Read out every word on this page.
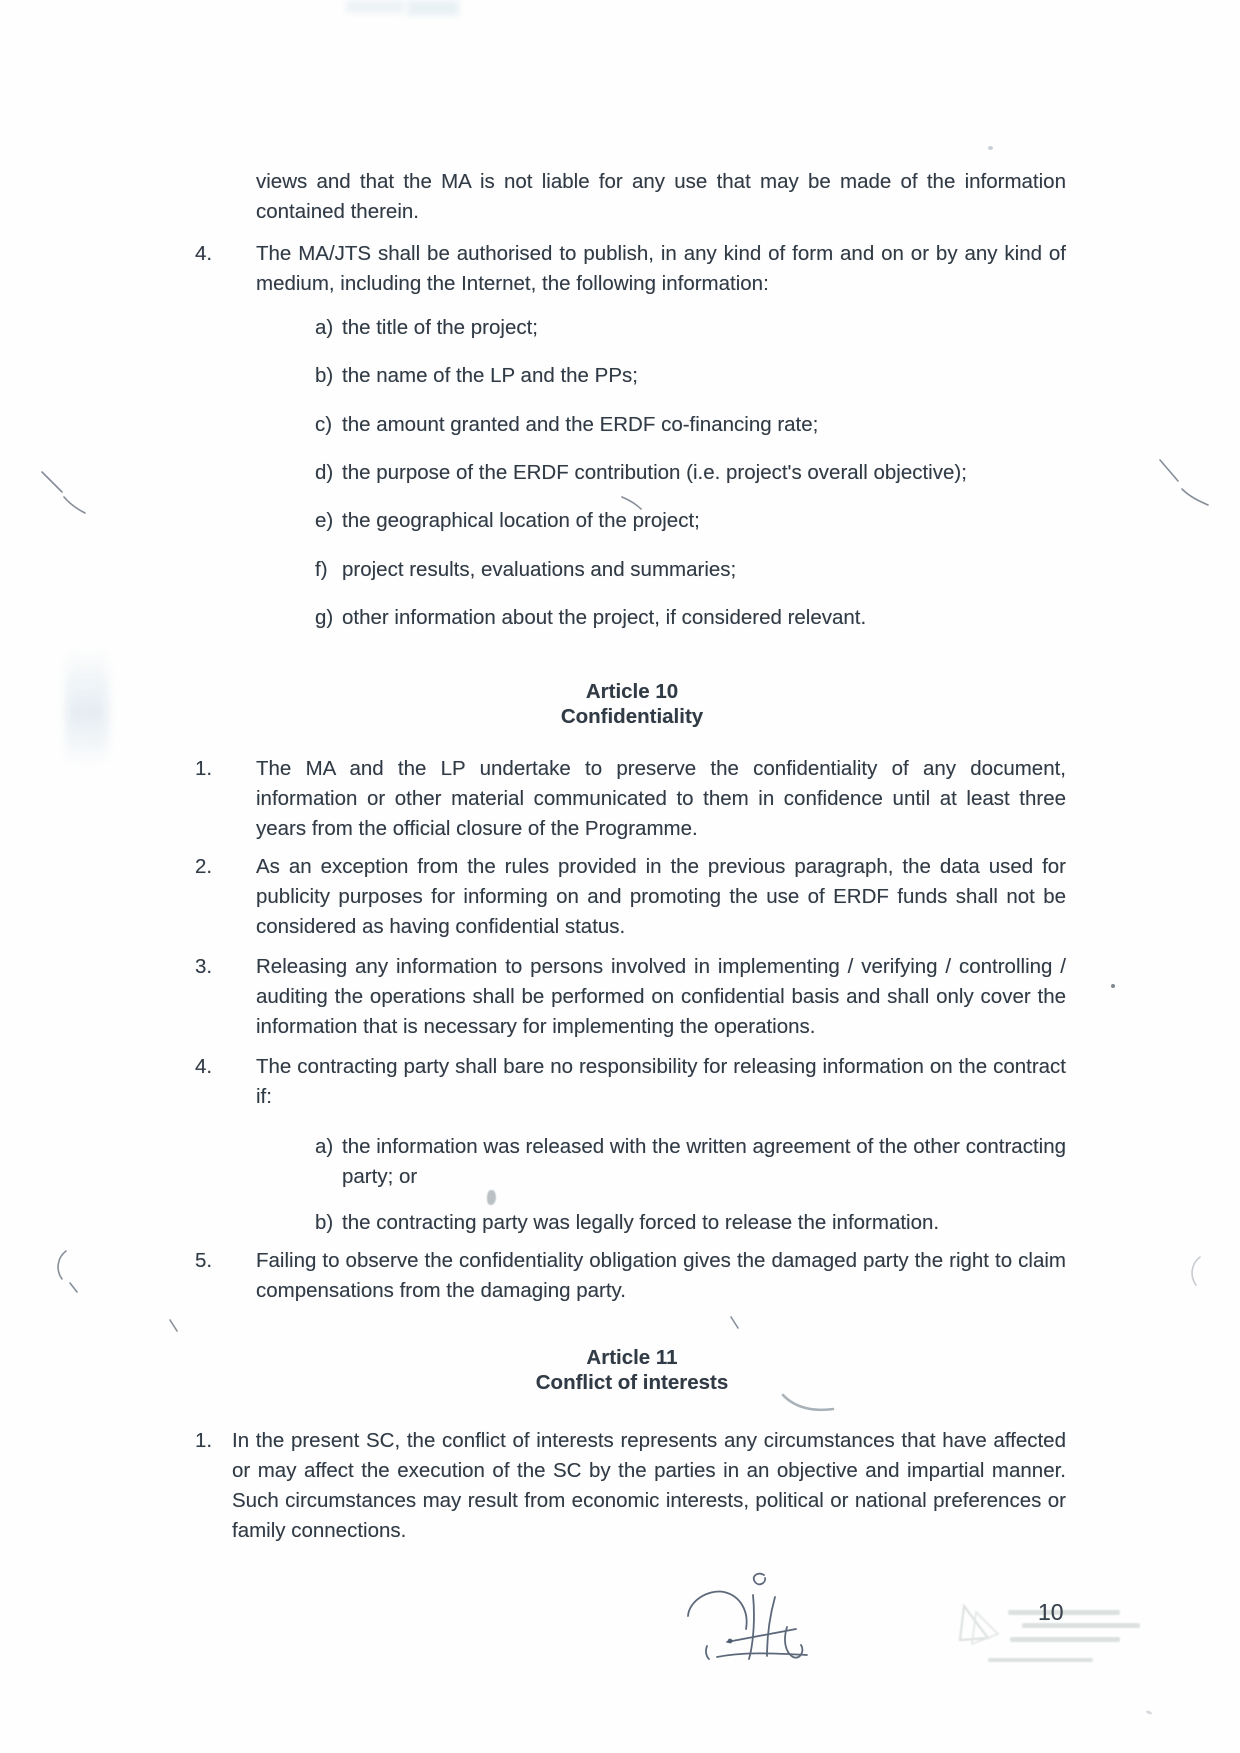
views and that the MA is not liable for any use that may be made of the information contained therein.
4. The MA/JTS shall be authorised to publish, in any kind of form and on or by any kind of medium, including the Internet, the following information:
a) the title of the project;
b) the name of the LP and the PPs;
c) the amount granted and the ERDF co-financing rate;
d) the purpose of the ERDF contribution (i.e. project's overall objective);
e) the geographical location of the project;
f) project results, evaluations and summaries;
g) other information about the project, if considered relevant.
Article 10
Confidentiality
1. The MA and the LP undertake to preserve the confidentiality of any document, information or other material communicated to them in confidence until at least three years from the official closure of the Programme.
2. As an exception from the rules provided in the previous paragraph, the data used for publicity purposes for informing on and promoting the use of ERDF funds shall not be considered as having confidential status.
3. Releasing any information to persons involved in implementing / verifying / controlling / auditing the operations shall be performed on confidential basis and shall only cover the information that is necessary for implementing the operations.
4. The contracting party shall bare no responsibility for releasing information on the contract if:
a) the information was released with the written agreement of the other contracting party; or
b) the contracting party was legally forced to release the information.
5. Failing to observe the confidentiality obligation gives the damaged party the right to claim compensations from the damaging party.
Article 11
Conflict of interests
1. In the present SC, the conflict of interests represents any circumstances that have affected or may affect the execution of the SC by the parties in an objective and impartial manner. Such circumstances may result from economic interests, political or national preferences or family connections.
10
